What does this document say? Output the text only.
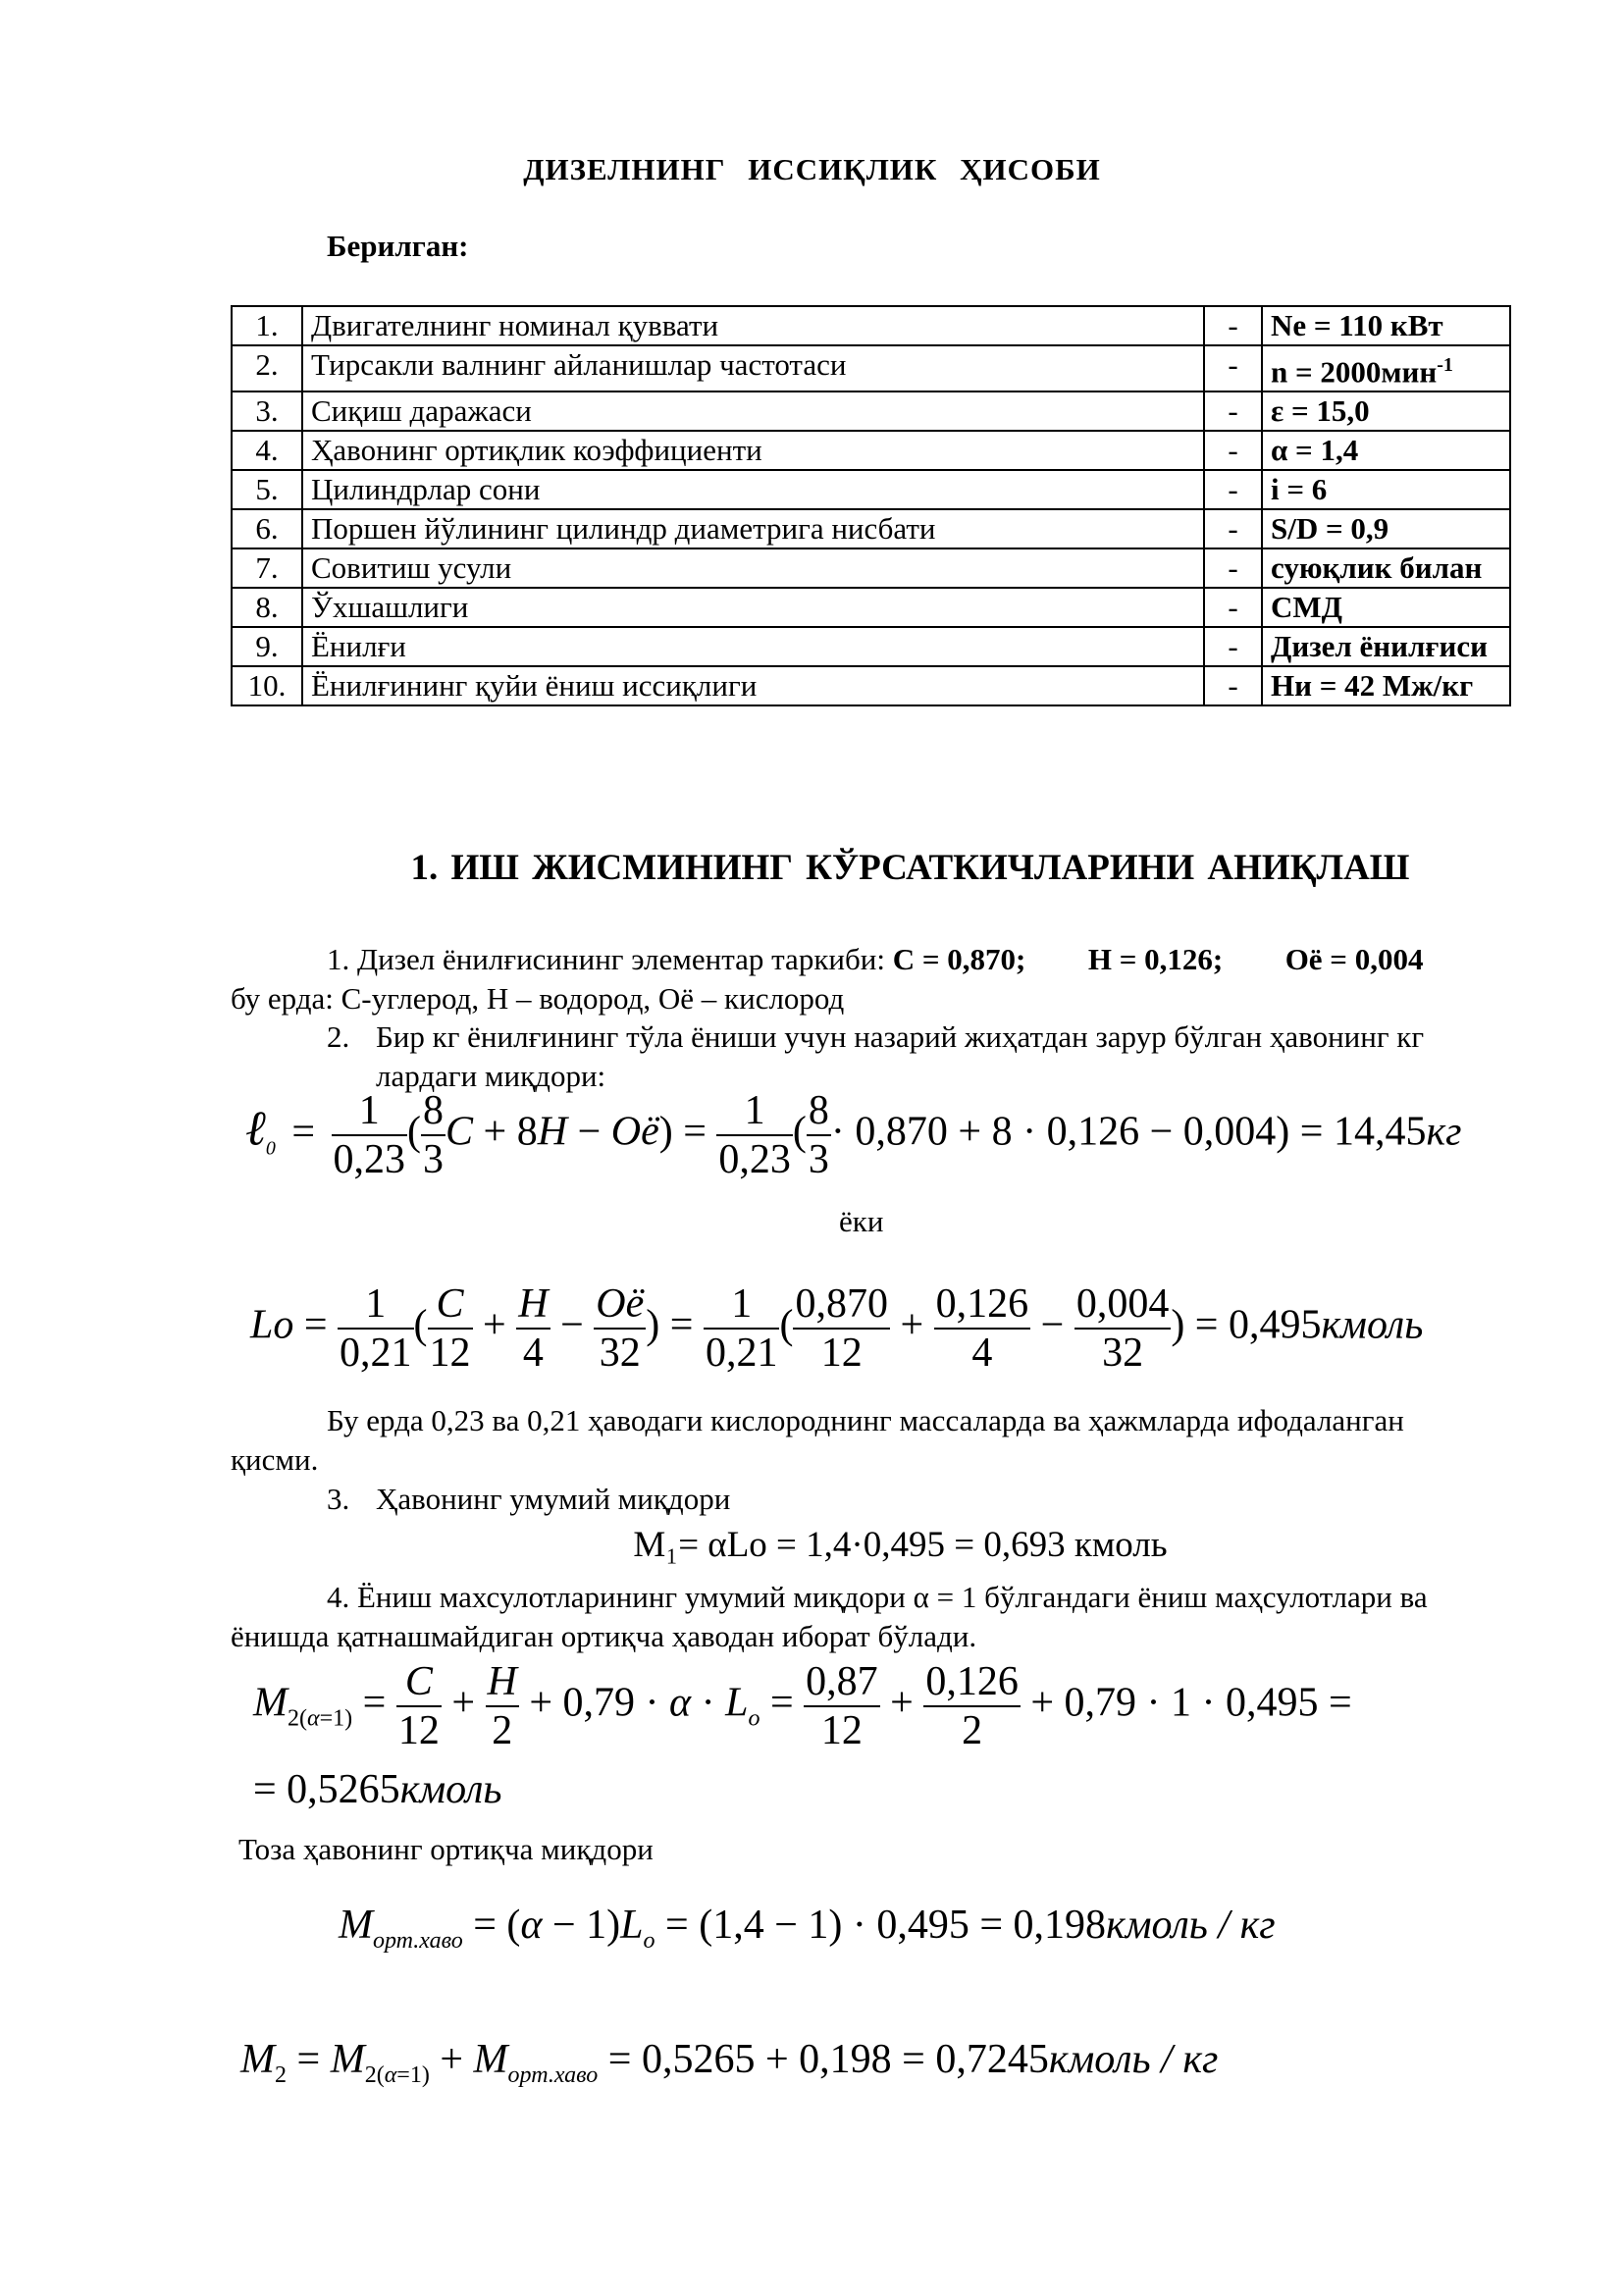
ДИЗЕЛНИНГ ИССИҚЛИК ҲИСОБИ
Берилган:
1.	Двигателнинг номинал қуввати	-	Ne = 110 кВт
2.	Тирсакли валнинг айланишлар частотаси	-	n = 2000мин$^{-1}$
3.	Сиқиш даражаси	-	ε = 15,0
4.	Ҳавонинг ортиқлик коэффициенти	-	α = 1,4
5.	Цилиндрлар сони	-	i = 6
6.	Поршен йўлининг цилиндр диаметрига нисбати	-	S/D = 0,9
7.	Совитиш усули	-	суюқлик билан
8.	Ўхшашлиги	-	СМД
9.	Ёнилғи	-	Дизел ёнилғиси
10.	Ёнилғининг қуйи ёниш иссиқлиги	-	Ни = 42 Мж/кг
1. ИШ ЖИСМИНИНГ КЎРСАТКИЧЛАРИНИ АНИҚЛАШ
1. Дизел ёнилғисининг элементар таркиби: С = 0,870; Н = 0,126; Оё = 0,004
бу ерда: С-углерод, Н – водород, Оё – кислород
2. Бир кг ёнилғининг тўла ёниши учун назарий жиҳатдан зарур бўлган ҳавонинг кг лардаги миқдори:
ℓ$_0$ = $\frac{1}{0,23}$ ( $\frac{8}{3}$ $C + 8H - Oё) = \frac{1}{0,23}$ ( $\frac{8}{3} \cdot 0,870 + 8 \cdot 0,126 - 0,004) = 14,45кг$
ёки
$Lo = \frac{1}{0,21}$ ( $\frac{C}{12} + \frac{H}{4} - \frac{Oё}{32}$ ) = $\frac{1}{0,21}$ ( $\frac{0,870}{12} + \frac{0,126}{4} - \frac{0,004}{32}$ ) = 0,495кмоль
Бу ерда 0,23 ва 0,21 ҳаводаги кислороднинг массаларда ва ҳажмларда ифодаланган қисми.
3. Ҳавонинг умумий миқдори
M₁= αLo = 1,4·0,495 = 0,693 кмоль
4. Ёниш махсулотларининг умумий миқдори α = 1 бўлгандаги ёниш маҳсулотлари ва ёнишда қатнашмайдиган ортиқча ҳаводан иборат бўлади.
$M_{2(\alpha=1)} = \frac{C}{12} + \frac{H}{2} + 0,79 \cdot \alpha \cdot L_o = \frac{0,87}{12} + \frac{0,126}{2} + 0,79 \cdot 1 \cdot 0,495$ =
= 0,5265кмоль
Тоза ҳавонинг ортиқча миқдори
$M_{орт.хаво} = (\alpha - 1)L_o = (1,4 - 1) \cdot 0,495$ = 0,198кмоль / кг
$M_2 = M_{2(\alpha=1)} + M_{орт.хаво} = 0,5265 + 0,198$ = 0,7245кмоль / кг
